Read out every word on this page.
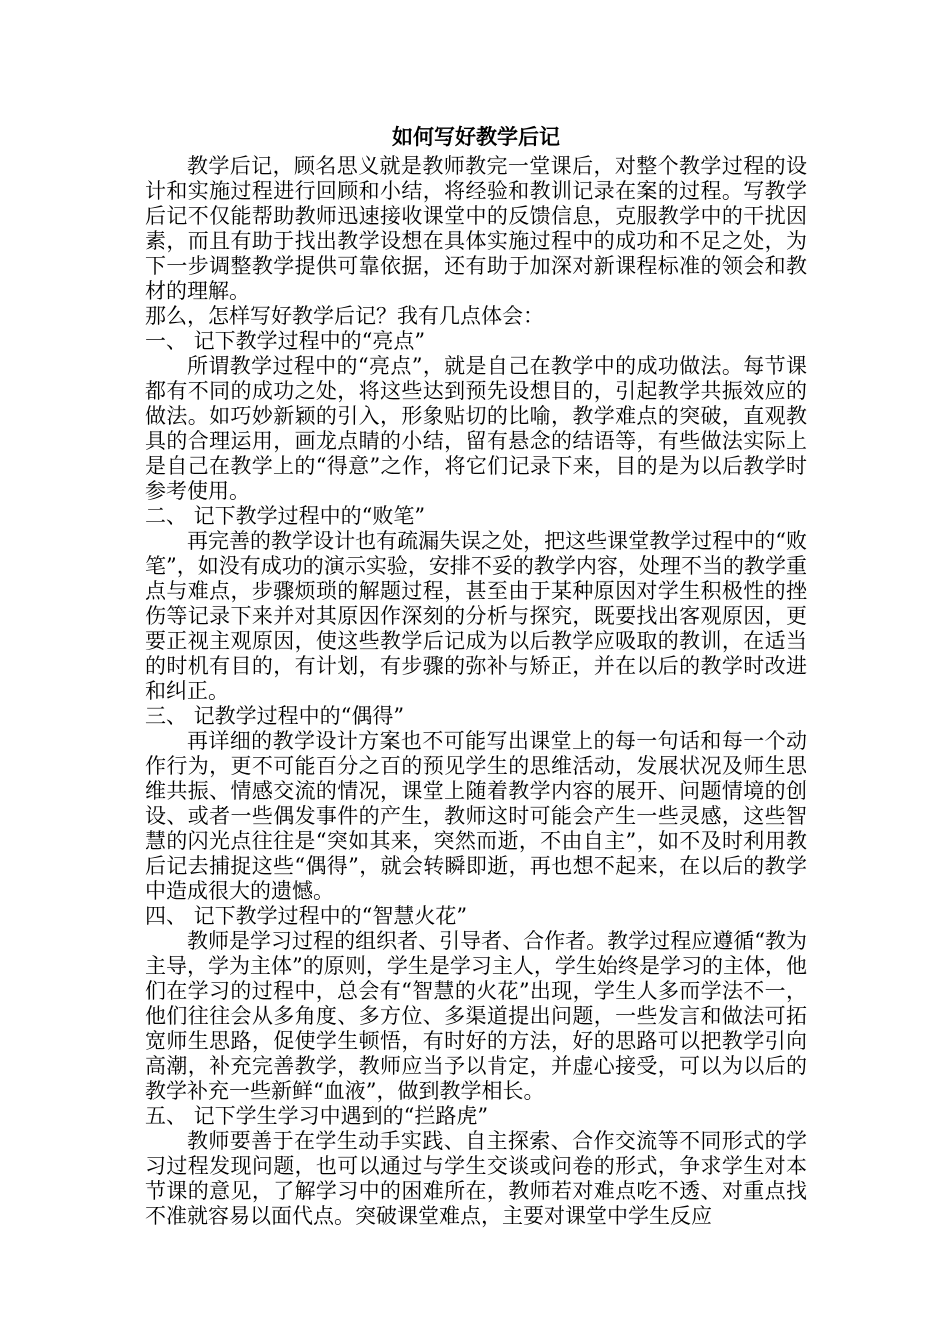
如何写好教学后记

教学后记，顾名思义就是教师教完一堂课后，对整个教学过程的设计和实施过程进行回顾和小结，将经验和教训记录在案的过程。写教学后记不仅能帮助教师迅速接收课堂中的反馈信息，克服教学中的干扰因素，而且有助于找出教学设想在具体实施过程中的成功和不足之处，为下一步调整教学提供可靠依据，还有助于加深对新课程标准的领会和教材的理解。

那么，怎样写好教学后记？我有几点体会：

一、 记下教学过程中的“亮点”

所谓教学过程中的“亮点”，就是自己在教学中的成功做法。每节课都有不同的成功之处，将这些达到预先设想目的，引起教学共振效应的做法。如巧妙新颖的引入，形象贴切的比喻，教学难点的突破，直观教具的合理运用，画龙点睛的小结，留有悬念的结语等，有些做法实际上是自己在教学上的“得意”之作，将它们记录下来，目的是为以后教学时参考使用。

二、 记下教学过程中的“败笔”

再完善的教学设计也有疏漏失误之处，把这些课堂教学过程中的“败笔”，如没有成功的演示实验，安排不妥的教学内容，处理不当的教学重点与难点，步骤烦琐的解题过程，甚至由于某种原因对学生积极性的挫伤等记录下来并对其原因作深刻的分析与探究，既要找出客观原因，更要正视主观原因，使这些教学后记成为以后教学应吸取的教训，在适当的时机有目的，有计划，有步骤的弥补与矫正，并在以后的教学时改进和纠正。

三、 记教学过程中的“偶得”

再详细的教学设计方案也不可能写出课堂上的每一句话和每一个动作行为，更不可能百分之百的预见学生的思维活动，发展状况及师生思维共振、情感交流的情况，课堂上随着教学内容的展开、问题情境的创设、或者一些偶发事件的产生，教师这时可能会产生一些灵感，这些智慧的闪光点往往是“突如其来，突然而逝，不由自主”，如不及时利用教后记去捕捉这些“偶得”，就会转瞬即逝，再也想不起来，在以后的教学中造成很大的遗憾。

四、 记下教学过程中的“智慧火花”

教师是学习过程的组织者、引导者、合作者。教学过程应遵循“教为主导，学为主体”的原则，学生是学习主人，学生始终是学习的主体，他们在学习的过程中，总会有“智慧的火花”出现，学生人多而学法不一，他们往往会从多角度、多方位、多渠道提出问题，一些发言和做法可拓宽师生思路，促使学生顿悟，有时好的方法，好的思路可以把教学引向高潮，补充完善教学，教师应当予以肯定，并虚心接受，可以为以后的教学补充一些新鲜“血液”，做到教学相长。

五、 记下学生学习中遇到的“拦路虎”

教师要善于在学生动手实践、自主探索、合作交流等不同形式的学习过程发现问题，也可以通过与学生交谈或问卷的形式，争求学生对本节课的意见，了解学习中的困难所在，教师若对难点吃不透、对重点找不准就容易以面代点。突破课堂难点，主要对课堂中学生反应
